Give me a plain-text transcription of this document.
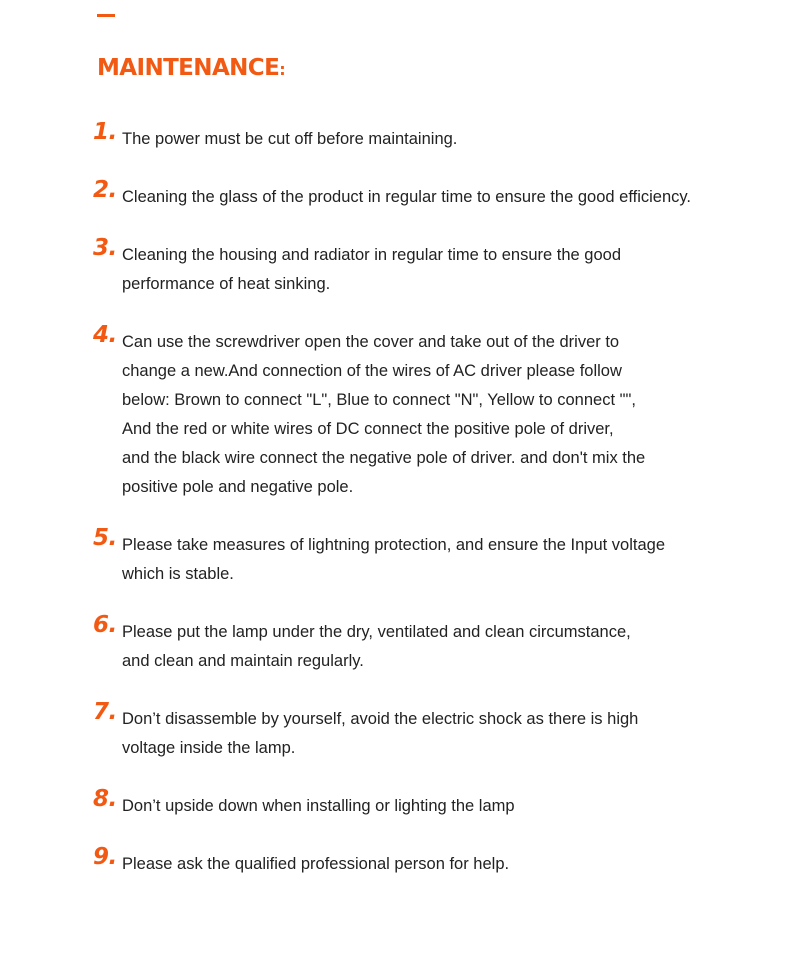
MAINTENANCE:
1. The power must be cut off before maintaining.
2. Cleaning the glass of the product in regular time to ensure the good efficiency.
3. Cleaning the housing and radiator in regular time to ensure the good
performance of heat sinking.
4. Can use the screwdriver open the cover and take out of the driver to
change a new.And connection of the wires of AC driver please follow
below: Brown to connect "L", Blue to connect "N", Yellow to connect "",
And the red or white wires of DC connect the positive pole of driver,
and the black wire connect the negative pole of driver. and don't mix the
positive pole and negative pole.
5. Please take measures of lightning protection, and ensure the Input voltage
which is stable.
6. Please put the lamp under the dry, ventilated and clean circumstance,
and clean and maintain regularly.
7. Don’t disassemble by yourself, avoid the electric shock as there is high
voltage inside the lamp.
8. Don’t upside down when installing or lighting the lamp
9. Please ask the qualified professional person for help.
